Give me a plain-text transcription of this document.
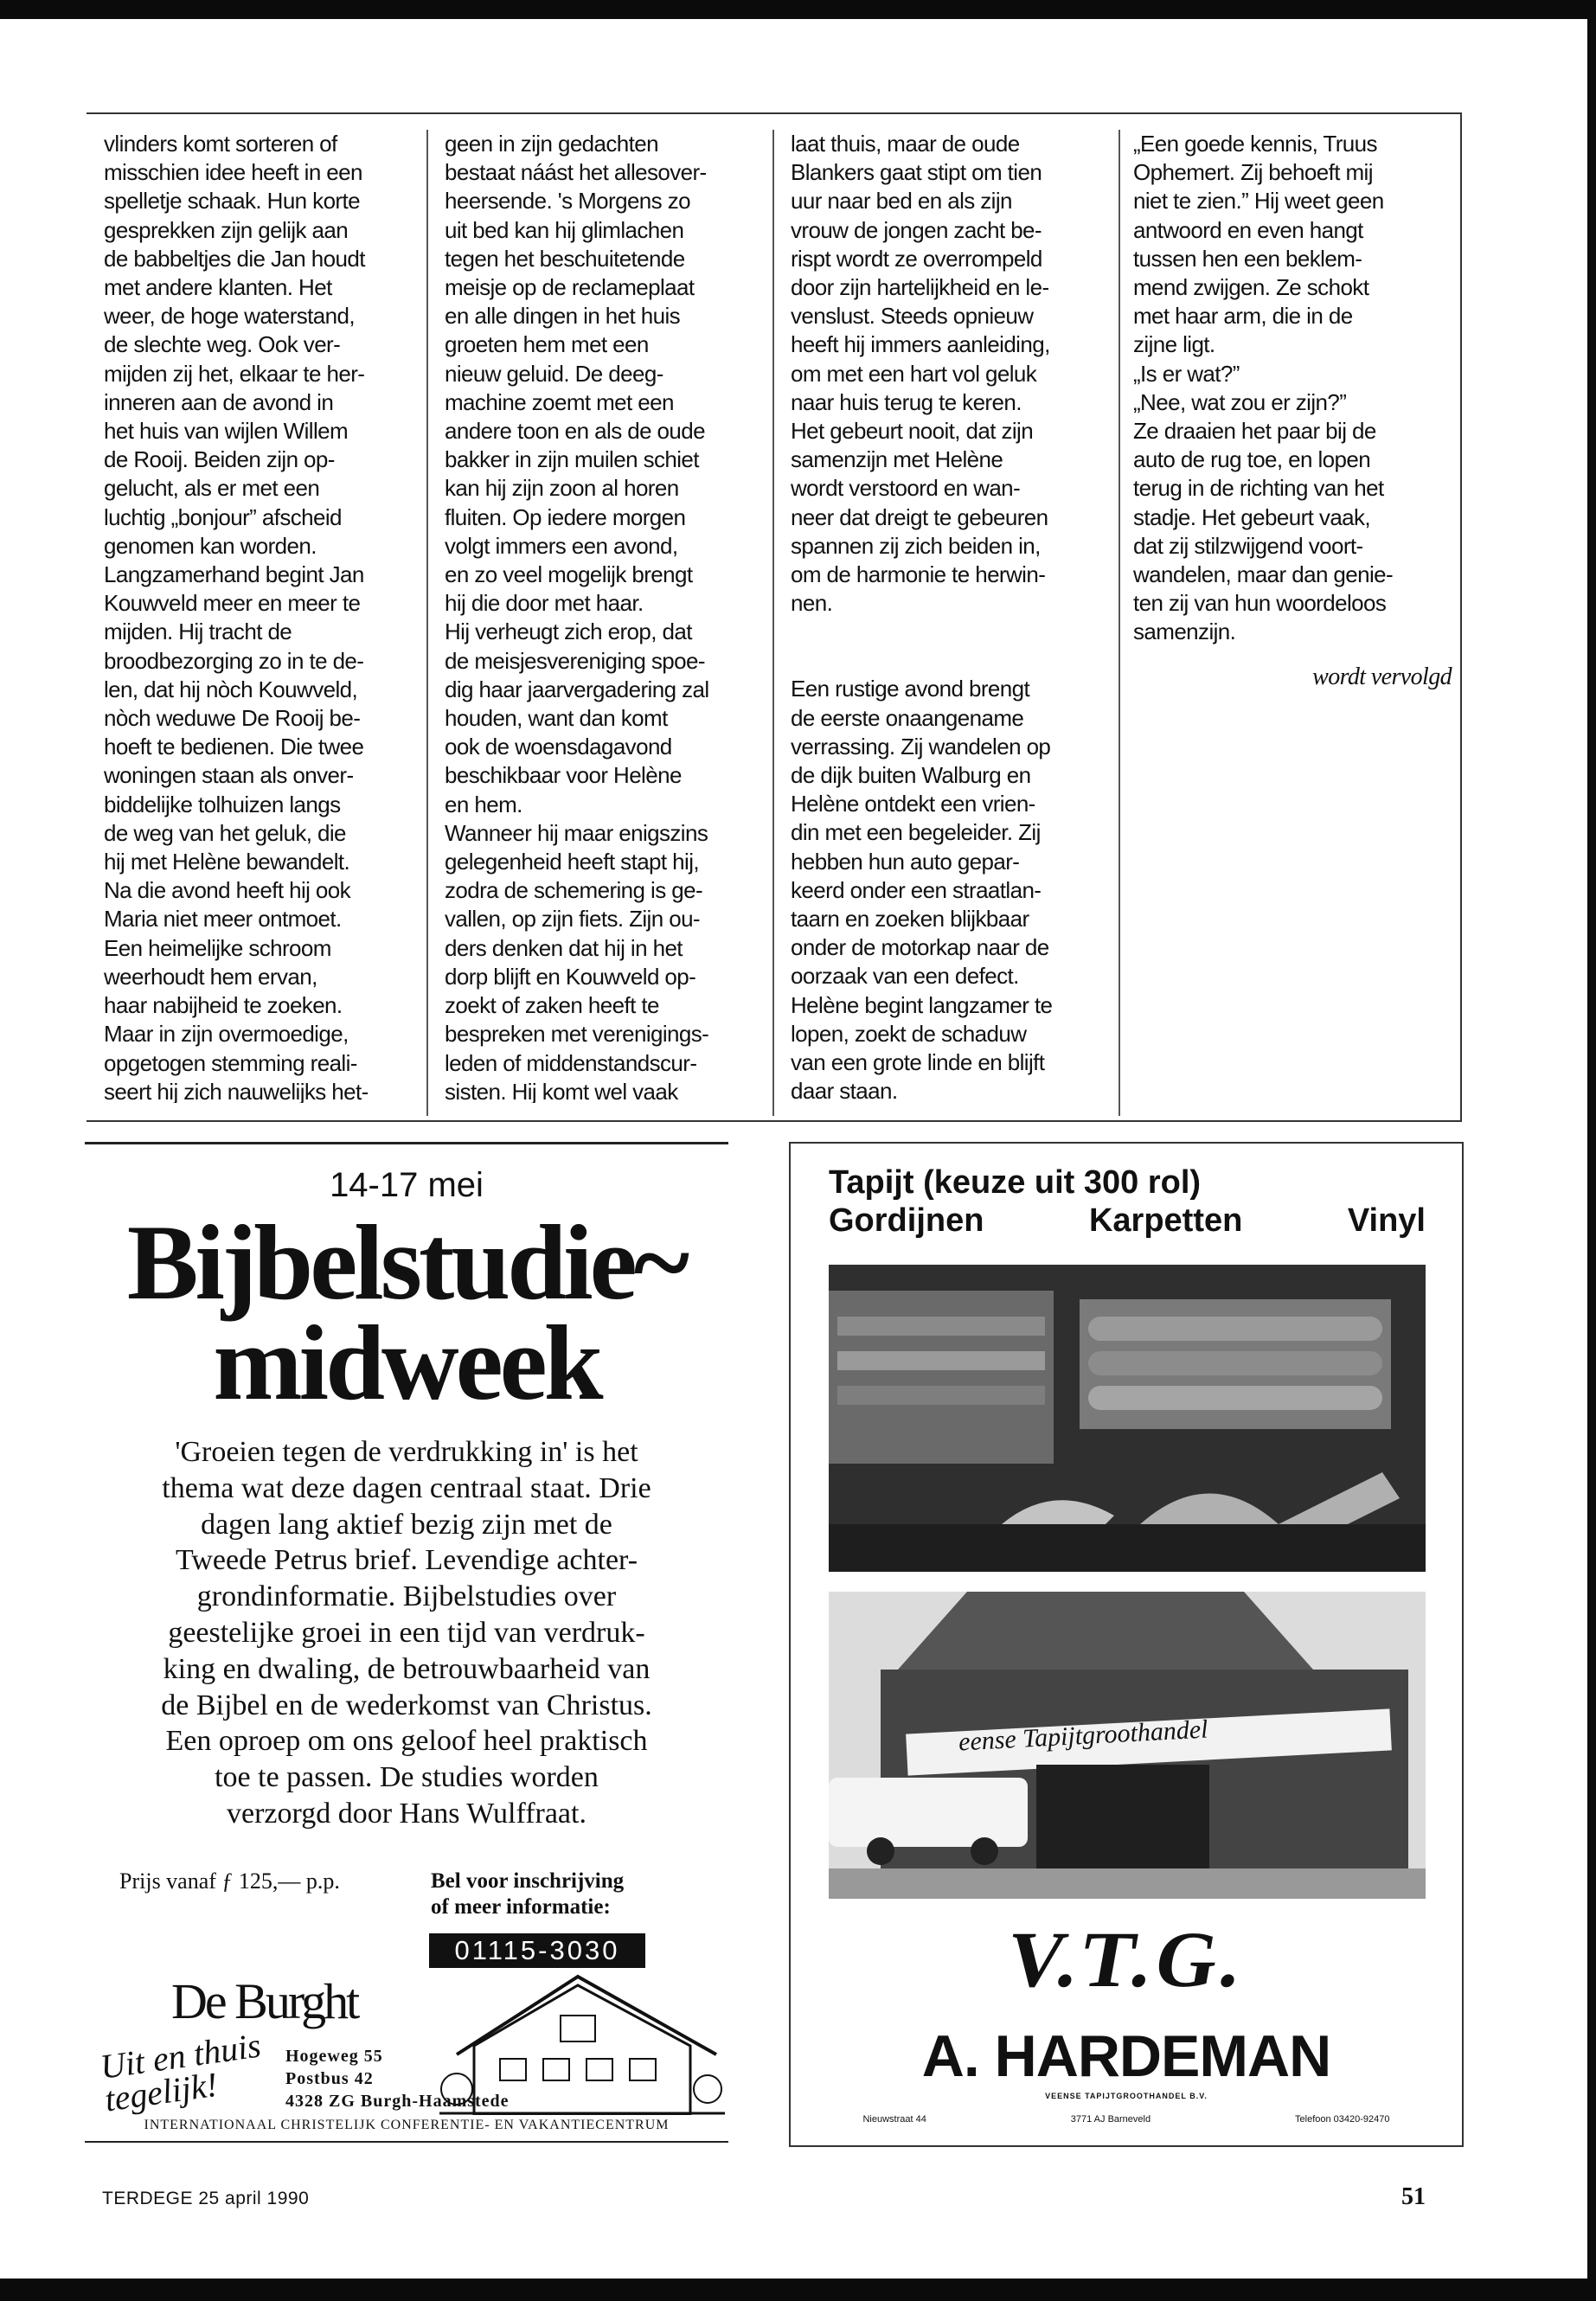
vlinders komt sorteren of
misschien idee heeft in een
spelletje schaak. Hun korte
gesprekken zijn gelijk aan
de babbeltjes die Jan houdt
met andere klanten. Het
weer, de hoge waterstand,
de slechte weg. Ook ver-
mijden zij het, elkaar te her-
inneren aan de avond in
het huis van wijlen Willem
de Rooij. Beiden zijn op-
gelucht, als er met een
luchtig „bonjour” afscheid
genomen kan worden.
Langzamerhand begint Jan
Kouwveld meer en meer te
mijden. Hij tracht de
broodbezorging zo in te de-
len, dat hij nòch Kouwveld,
nòch weduwe De Rooij be-
hoeft te bedienen. Die twee
woningen staan als onver-
biddelijke tolhuizen langs
de weg van het geluk, die
hij met Helène bewandelt.
Na die avond heeft hij ook
Maria niet meer ontmoet.
Een heimelijke schroom
weerhoudt hem ervan,
haar nabijheid te zoeken.
Maar in zijn overmoedige,
opgetogen stemming reali-
seert hij zich nauwelijks het-

geen in zijn gedachten
bestaat náást het allesover-
heersende. 's Morgens zo
uit bed kan hij glimlachen
tegen het beschuitetende
meisje op de reclameplaat
en alle dingen in het huis
groeten hem met een
nieuw geluid. De deeg-
machine zoemt met een
andere toon en als de oude
bakker in zijn muilen schiet
kan hij zijn zoon al horen
fluiten. Op iedere morgen
volgt immers een avond,
en zo veel mogelijk brengt
hij die door met haar.
Hij verheugt zich erop, dat
de meisjesvereniging spoe-
dig haar jaarvergadering zal
houden, want dan komt
ook de woensdagavond
beschikbaar voor Helène
en hem.
Wanneer hij maar enigszins
gelegenheid heeft stapt hij,
zodra de schemering is ge-
vallen, op zijn fiets. Zijn ou-
ders denken dat hij in het
dorp blijft en Kouwveld op-
zoekt of zaken heeft te
bespreken met verenigings-
leden of middenstandscur-
sisten. Hij komt wel vaak

laat thuis, maar de oude
Blankers gaat stipt om tien
uur naar bed en als zijn
vrouw de jongen zacht be-
rispt wordt ze overrompeld
door zijn hartelijkheid en le-
venslust. Steeds opnieuw
heeft hij immers aanleiding,
om met een hart vol geluk
naar huis terug te keren.
Het gebeurt nooit, dat zijn
samenzijn met Helène
wordt verstoord en wan-
neer dat dreigt te gebeuren
spannen zij zich beiden in,
om de harmonie te herwin-
nen.

Een rustige avond brengt
de eerste onaangename
verrassing. Zij wandelen op
de dijk buiten Walburg en
Helène ontdekt een vrien-
din met een begeleider. Zij
hebben hun auto gepar-
keerd onder een straatlan-
taarn en zoeken blijkbaar
onder de motorkap naar de
oorzaak van een defect.
Helène begint langzamer te
lopen, zoekt de schaduw
van een grote linde en blijft
daar staan.

„Een goede kennis, Truus
Ophemert. Zij behoeft mij
niet te zien.” Hij weet geen
antwoord en even hangt
tussen hen een beklem-
mend zwijgen. Ze schokt
met haar arm, die in de
zijne ligt.
„Is er wat?”
„Nee, wat zou er zijn?”
Ze draaien het paar bij de
auto de rug toe, en lopen
terug in de richting van het
stadje. Het gebeurt vaak,
dat zij stilzwijgend voort-
wandelen, maar dan genie-
ten zij van hun woordeloos
samenzijn.

wordt vervolgd
14-17 mei
Bijbelstudie~
midweek
'Groeien tegen de verdrukking in' is het
thema wat deze dagen centraal staat. Drie
dagen lang aktief bezig zijn met de
Tweede Petrus brief. Levendige achter-
grondinformatie. Bijbelstudies over
geestelijke groei in een tijd van verdruk-
king en dwaling, de betrouwbaarheid van
de Bijbel en de wederkomst van Christus.
Een oproep om ons geloof heel praktisch
toe te passen. De studies worden
verzorgd door Hans Wulffraat.
Prijs vanaf ƒ 125,— p.p.	Bel voor inschrijving
of meer informatie:
01115-3030
De Burght
Uit en thuis
tegelijk!
Hogeweg 55
Postbus 42
4328 ZG Burgh-Haamstede
INTERNATIONAAL CHRISTELIJK CONFERENTIE- EN VAKANTIECENTRUM
Tapijt (keuze uit 300 rol)
Gordijnen	Karpetten	Vinyl
eense Tapijtgroothandel
V.T.G.
A. HARDEMAN
VEENSE TAPIJTGROOTHANDEL B.V.
Nieuwstraat 44	3771 AJ Barneveld	Telefoon 03420-92470
TERDEGE 25 april 1990	51
